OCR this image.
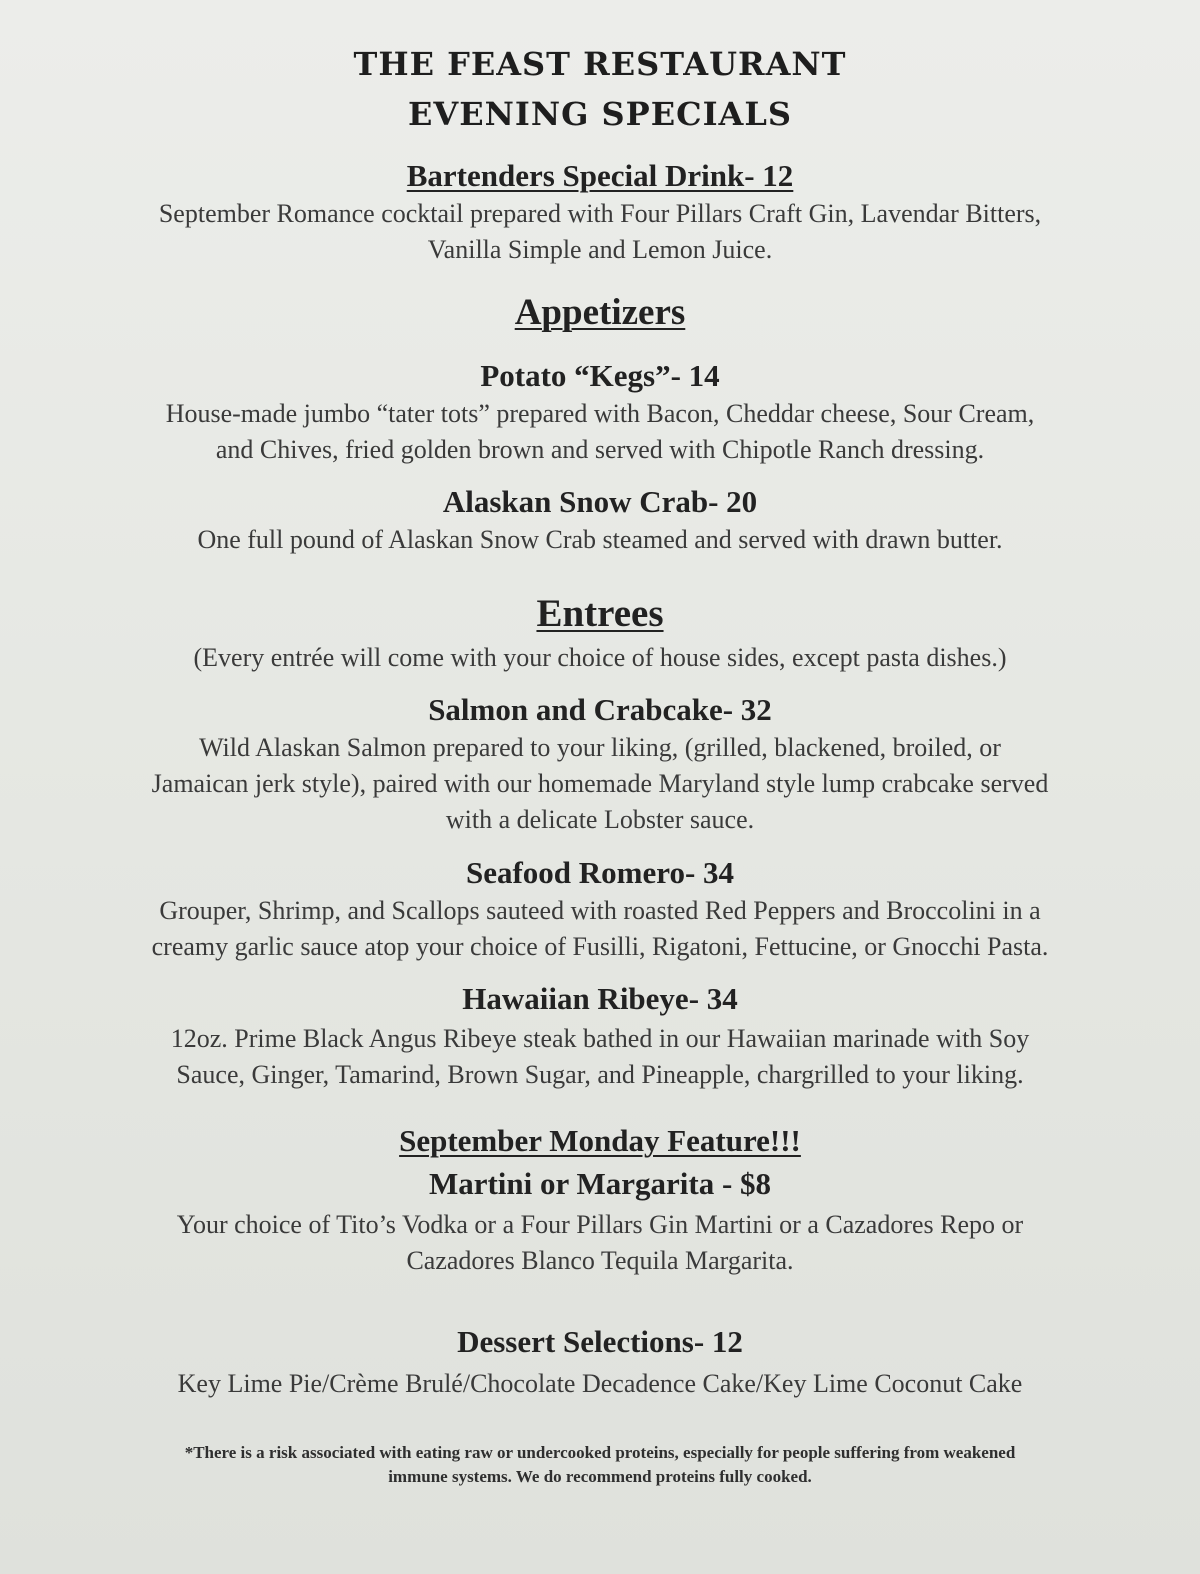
THE FEAST RESTAURANT
EVENING SPECIALS
Bartenders Special Drink- 12
September Romance cocktail prepared with Four Pillars Craft Gin, Lavendar Bitters,
Vanilla Simple and Lemon Juice.
Appetizers
Potato “Kegs”- 14
House-made jumbo “tater tots” prepared with Bacon, Cheddar cheese, Sour Cream,
and Chives, fried golden brown and served with Chipotle Ranch dressing.
Alaskan Snow Crab- 20
One full pound of Alaskan Snow Crab steamed and served with drawn butter.
Entrees
(Every entrée will come with your choice of house sides, except pasta dishes.)
Salmon and Crabcake- 32
Wild Alaskan Salmon prepared to your liking, (grilled, blackened, broiled, or
Jamaican jerk style), paired with our homemade Maryland style lump crabcake served
with a delicate Lobster sauce.
Seafood Romero- 34
Grouper, Shrimp, and Scallops sauteed with roasted Red Peppers and Broccolini in a
creamy garlic sauce atop your choice of Fusilli, Rigatoni, Fettucine, or Gnocchi Pasta.
Hawaiian Ribeye- 34
12oz. Prime Black Angus Ribeye steak bathed in our Hawaiian marinade with Soy
Sauce, Ginger, Tamarind, Brown Sugar, and Pineapple, chargrilled to your liking.
September Monday Feature!!!
Martini or Margarita - $8
Your choice of Tito’s Vodka or a Four Pillars Gin Martini or a Cazadores Repo or
Cazadores Blanco Tequila Margarita.
Dessert Selections- 12
Key Lime Pie/Crème Brulé/Chocolate Decadence Cake/Key Lime Coconut Cake
*There is a risk associated with eating raw or undercooked proteins, especially for people suffering from weakened
immune systems. We do recommend proteins fully cooked.
